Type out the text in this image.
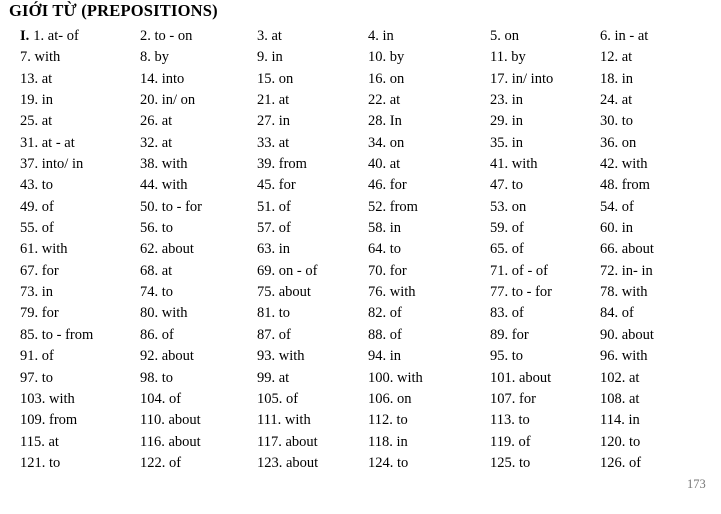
GIỚI TỪ (PREPOSITIONS)
I. 1. at- of	2. to - on	3. at	4. in	5. on	6. in - at
7. with	8. by	9. in	10. by	11. by	12. at
13. at	14. into	15. on	16. on	17. in/ into	18. in
19. in	20. in/ on	21. at	22. at	23. in	24. at
25. at	26. at	27. in	28. In	29. in	30. to
31. at - at	32. at	33. at	34. on	35. in	36. on
37. into/ in	38. with	39. from	40. at	41. with	42. with
43. to	44. with	45. for	46. for	47. to	48. from
49. of	50. to - for	51. of	52. from	53. on	54. of
55. of	56. to	57. of	58. in	59. of	60. in
61. with	62. about	63. in	64. to	65. of	66. about
67. for	68. at	69. on - of	70. for	71. of - of	72. in- in
73. in	74. to	75. about	76. with	77. to - for	78. with
79. for	80. with	81. to	82. of	83. of	84. of
85. to - from	86. of	87. of	88. of	89. for	90. about
91. of	92. about	93. with	94. in	95. to	96. with
97. to	98. to	99. at	100. with	101. about	102. at
103. with	104. of	105. of	106. on	107. for	108. at
109. from	110. about	111. with	112. to	113. to	114. in
115. at	116. about	117. about	118. in	119. of	120. to
121. to	122. of	123. about	124. to	125. to	126. of
173
